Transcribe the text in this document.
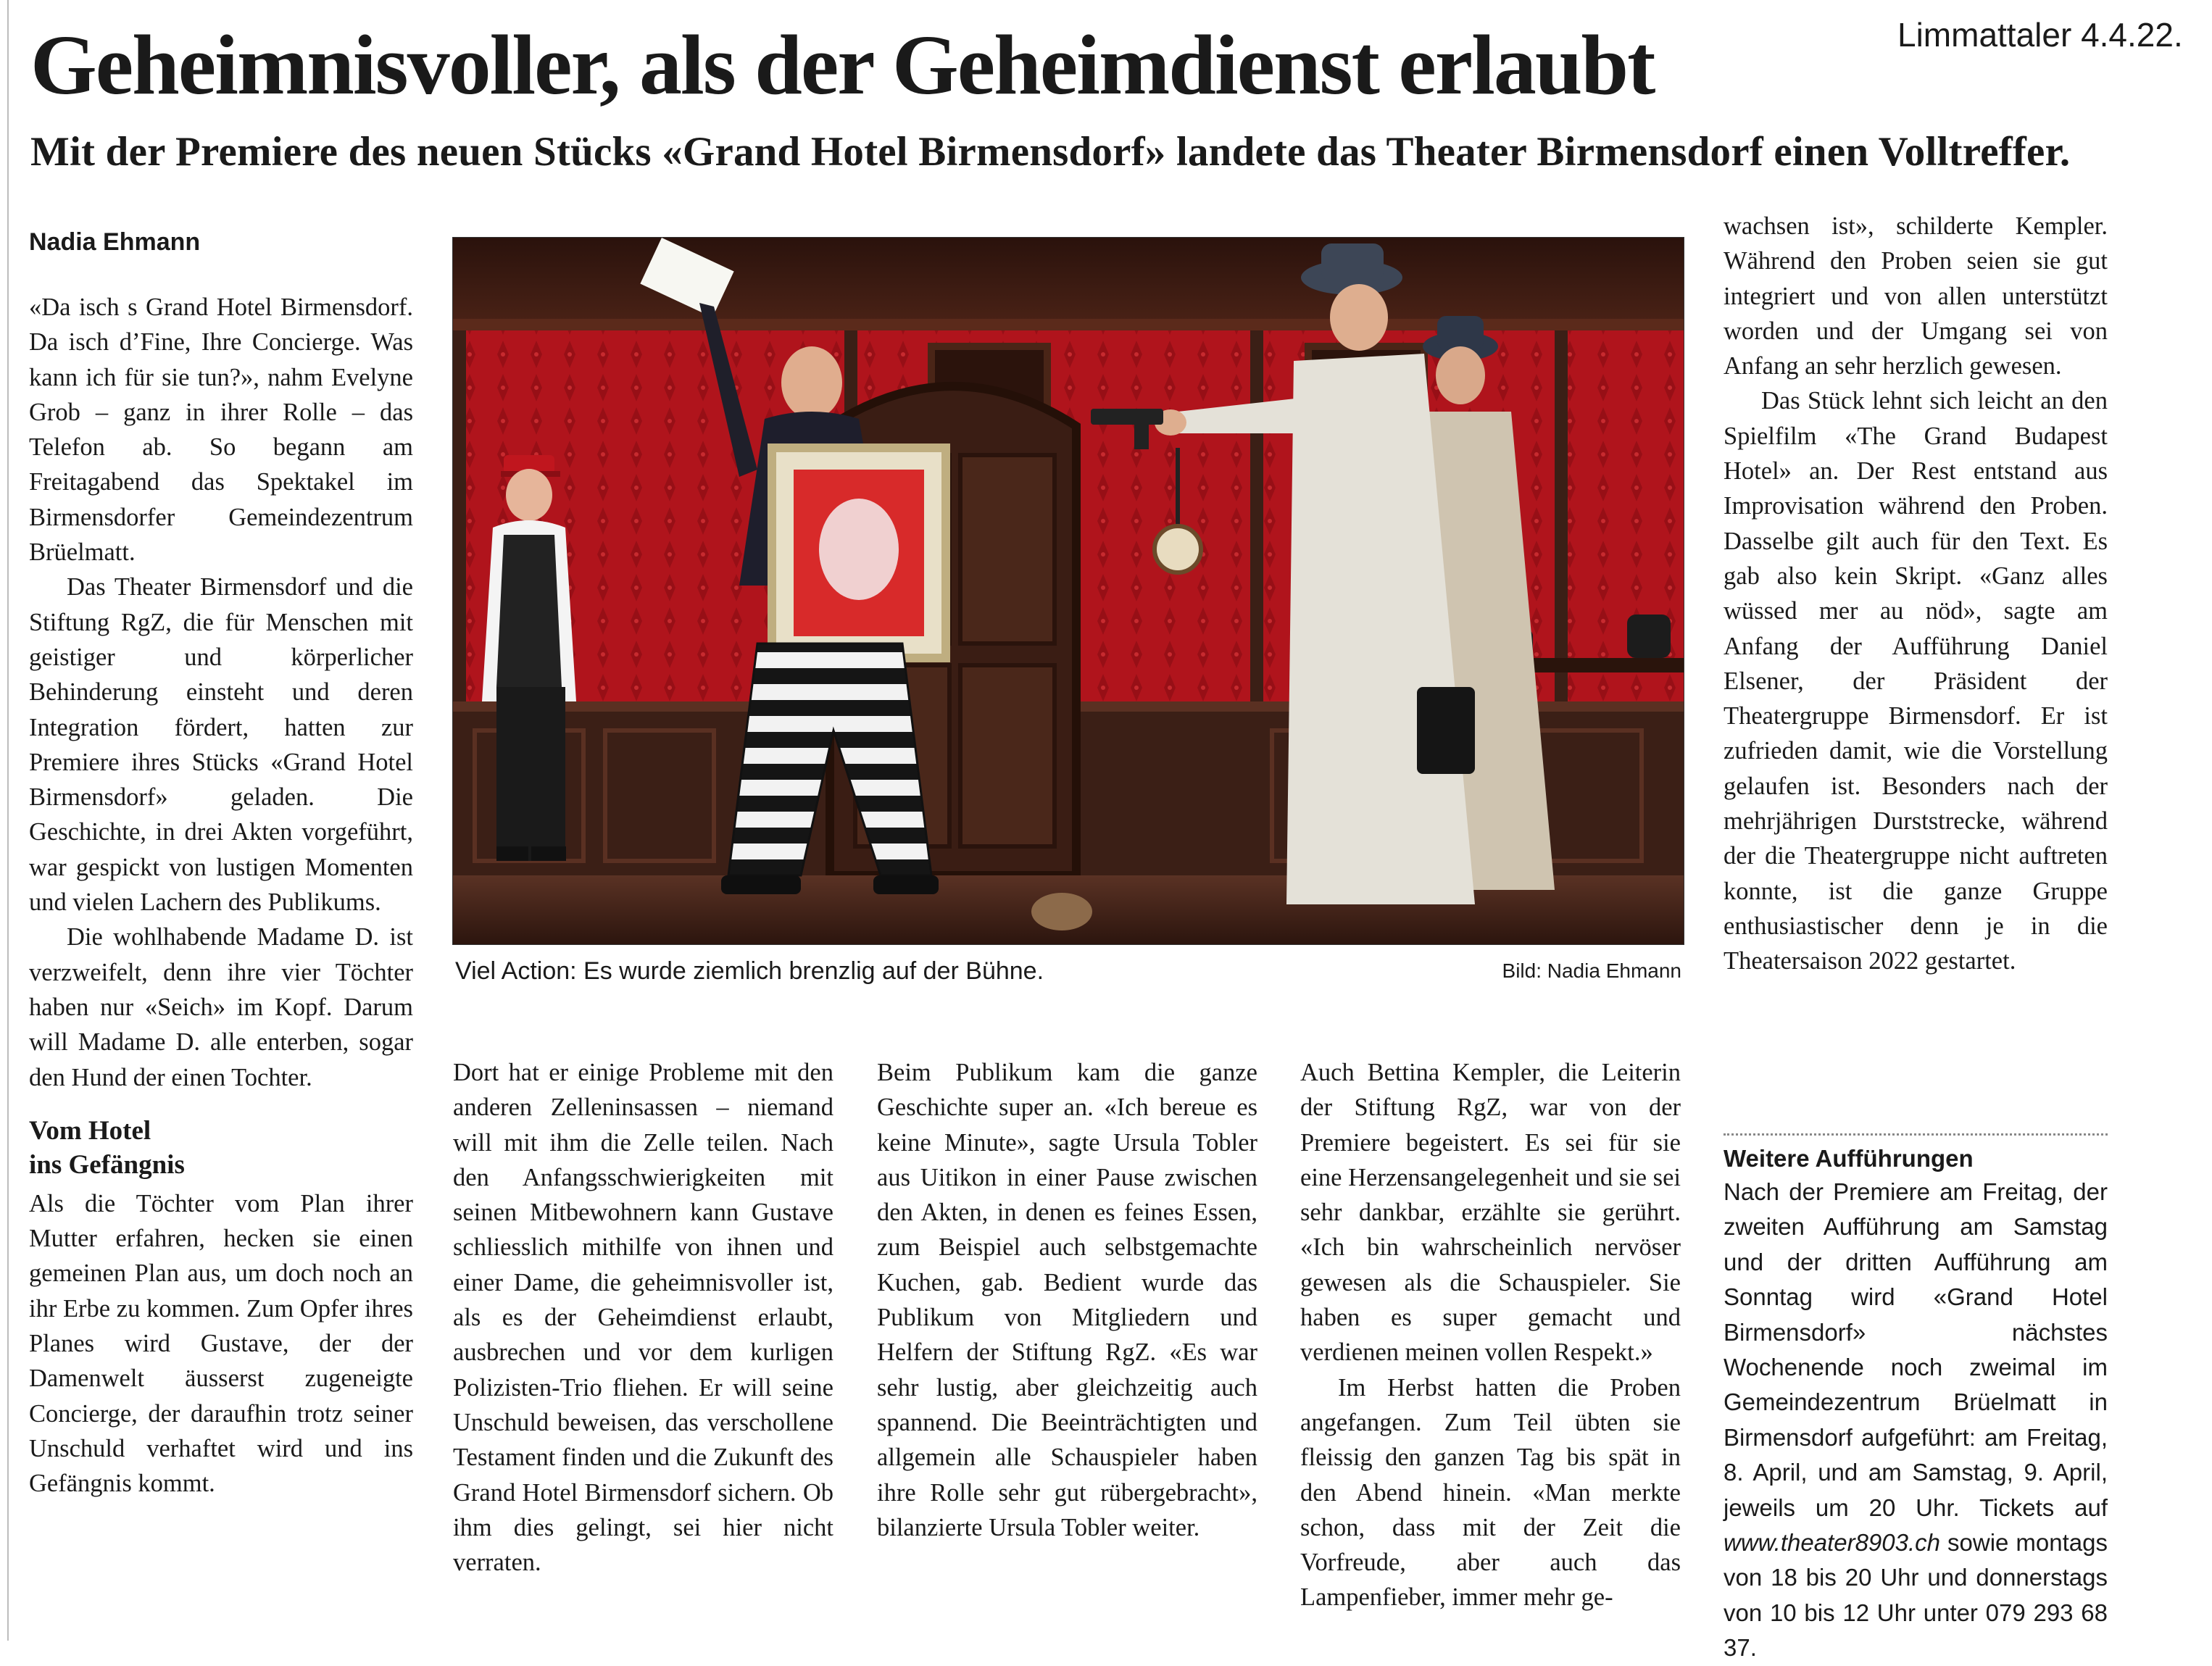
Geheimnisvoller, als der Geheimdienst erlaubt	Limmattaler 4.4.22.
Mit der Premiere des neuen Stücks «Grand Hotel Birmensdorf» landete das Theater Birmensdorf einen Volltreffer.
Nadia Ehmann

«Da isch s Grand Hotel Birmensdorf. Da isch d’Fine, Ihre Concierge. Was kann ich für sie tun?», nahm Evelyne Grob – ganz in ihrer Rolle – das Telefon ab. So begann am Freitagabend das Spektakel im Birmensdorfer Gemeindezentrum Brüelmatt.

Das Theater Birmensdorf und die Stiftung RgZ, die für Menschen mit geistiger und körperlicher Behinderung einsteht und deren Integration fördert, hatten zur Premiere ihres Stücks «Grand Hotel Birmensdorf» geladen. Die Geschichte, in drei Akten vorgeführt, war gespickt von lustigen Momenten und vielen Lachern des Publikums.

Die wohlhabende Madame D. ist verzweifelt, denn ihre vier Töchter haben nur «Seich» im Kopf. Darum will Madame D. alle enterben, sogar den Hund der einen Tochter.

Vom Hotel
ins Gefängnis

Als die Töchter vom Plan ihrer Mutter erfahren, hecken sie einen gemeinen Plan aus, um doch noch an ihr Erbe zu kommen. Zum Opfer ihres Planes wird Gustave, der der Damenwelt äusserst zugeneigte Concierge, der daraufhin trotz seiner Unschuld verhaftet wird und ins Gefängnis kommt.

Viel Action: Es wurde ziemlich brenzlig auf der Bühne.	Bild: Nadia Ehmann

Dort hat er einige Probleme mit den anderen Zelleninsassen – niemand will mit ihm die Zelle teilen. Nach den Anfangsschwierigkeiten mit seinen Mitbewohnern kann Gustave schliesslich mithilfe von ihnen und einer Dame, die geheimnisvoller ist, als es der Geheimdienst erlaubt, ausbrechen und vor dem kurligen Polizisten-Trio fliehen. Er will seine Unschuld beweisen, das verschollene Testament finden und die Zukunft des Grand Hotel Birmensdorf sichern. Ob ihm dies gelingt, sei hier nicht verraten.

Beim Publikum kam die ganze Geschichte super an. «Ich bereue es keine Minute», sagte Ursula Tobler aus Uitikon in einer Pause zwischen den Akten, in denen es feines Essen, zum Beispiel auch selbstgemachte Kuchen, gab. Bedient wurde das Publikum von Mitgliedern und Helfern der Stiftung RgZ. «Es war sehr lustig, aber gleichzeitig auch spannend. Die Beeinträchtigten und allgemein alle Schauspieler haben ihre Rolle sehr gut rübergebracht», bilanzierte Ursula Tobler weiter.

Auch Bettina Kempler, die Leiterin der Stiftung RgZ, war von der Premiere begeistert. Es sei für sie eine Herzensangelegenheit und sie sei sehr dankbar, erzählte sie gerührt. «Ich bin wahrscheinlich nervöser gewesen als die Schauspieler. Sie haben es super gemacht und verdienen meinen vollen Respekt.»

Im Herbst hatten die Proben angefangen. Zum Teil übten sie fleissig den ganzen Tag bis spät in den Abend hinein. «Man merkte schon, dass mit der Zeit die Vorfreude, aber auch das Lampenfieber, immer mehr ge-

wachsen ist», schilderte Kempler. Während den Proben seien sie gut integriert und von allen unterstützt worden und der Umgang sei von Anfang an sehr herzlich gewesen.

Das Stück lehnt sich leicht an den Spielfilm «The Grand Budapest Hotel» an. Der Rest entstand aus Improvisation während den Proben. Dasselbe gilt auch für den Text. Es gab also kein Skript. «Ganz alles wüssed mer au nöd», sagte am Anfang der Aufführung Daniel Elsener, der Präsident der Theatergruppe Birmensdorf. Er ist zufrieden damit, wie die Vorstellung gelaufen ist. Besonders nach der mehrjährigen Durststrecke, während der die Theatergruppe nicht auftreten konnte, ist die ganze Gruppe enthusiastischer denn je in die Theatersaison 2022 gestartet.

Weitere Aufführungen
Nach der Premiere am Freitag, der zweiten Aufführung am Samstag und der dritten Aufführung am Sonntag wird «Grand Hotel Birmensdorf» nächstes Wochenende noch zweimal im Gemeindezentrum Brüelmatt in Birmensdorf aufgeführt: am Freitag, 8. April, und am Samstag, 9. April, jeweils um 20 Uhr. Tickets auf www.theater8903.ch sowie montags von 18 bis 20 Uhr und donnerstags von 10 bis 12 Uhr unter 079 293 68 37.
